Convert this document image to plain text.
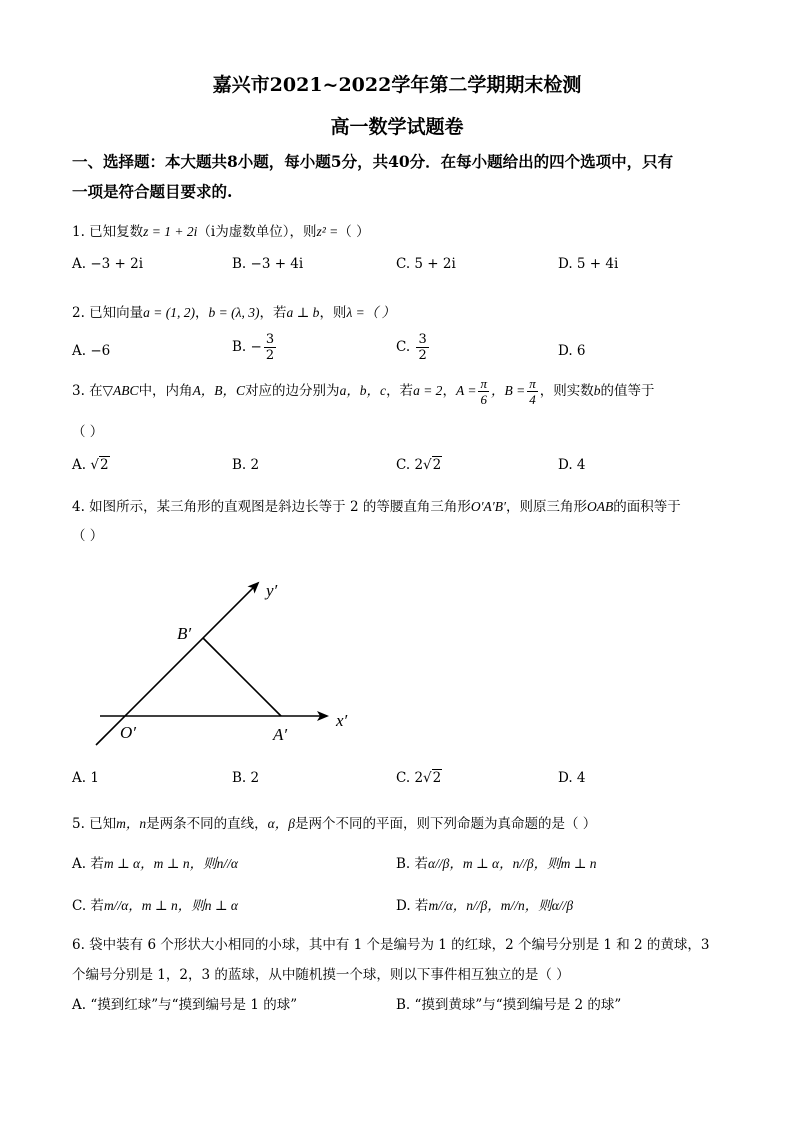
嘉兴市2021~2022学年第二学期期末检测
高一数学试题卷
一、选择题：本大题共8小题，每小题5分，共40分．在每小题给出的四个选项中，只有
一项是符合题目要求的.
1. 已知复数z = 1 + 2i（i为虚数单位），则z² =（ ）
A. −3 + 2i	B. −3 + 4i	C. 5 + 2i	D. 5 + 4i
2. 已知向量a = (1, 2)，b = (λ, 3)，若a ⊥ b，则λ =（ ）
A. −6	B. − $\frac{3}{2}$	C. $\frac{3}{2}$	D. 6
3. 在▽ABC中，内角A，B，C对应的边分别为a，b，c，若a = 2，$A = \frac{\pi}{6}$ ，$B = \frac{\pi}{4}$ ，则实数b的值等于
（ ）
A. √2	B. 2	C. 2√2	D. 4
4. 如图所示，某三角形的直观图是斜边长等于 2 的等腰直角三角形O′A′B′，则原三角形OAB的面积等于
（ ）
y′
x′
B′
O′	A′
A. 1	B. 2	C. 2√2	D. 4
5. 已知m，n是两条不同的直线，α，β是两个不同的平面，则下列命题为真命题的是（ ）
A. 若m ⊥ α，m ⊥ n，则n//α	B. 若α//β，m ⊥ α，n//β，则m ⊥ n
C. 若m//α，m ⊥ n，则n ⊥ α	D. 若m//α，n//β，m//n，则α//β
6. 袋中装有 6 个形状大小相同的小球，其中有 1 个是编号为 1 的红球，2 个编号分别是 1 和 2 的黄球，3
个编号分别是 1，2，3 的蓝球，从中随机摸一个球，则以下事件相互独立的是（ ）
A. “摸到红球”与“摸到编号是 1 的球”	B. “摸到黄球”与“摸到编号是 2 的球”
